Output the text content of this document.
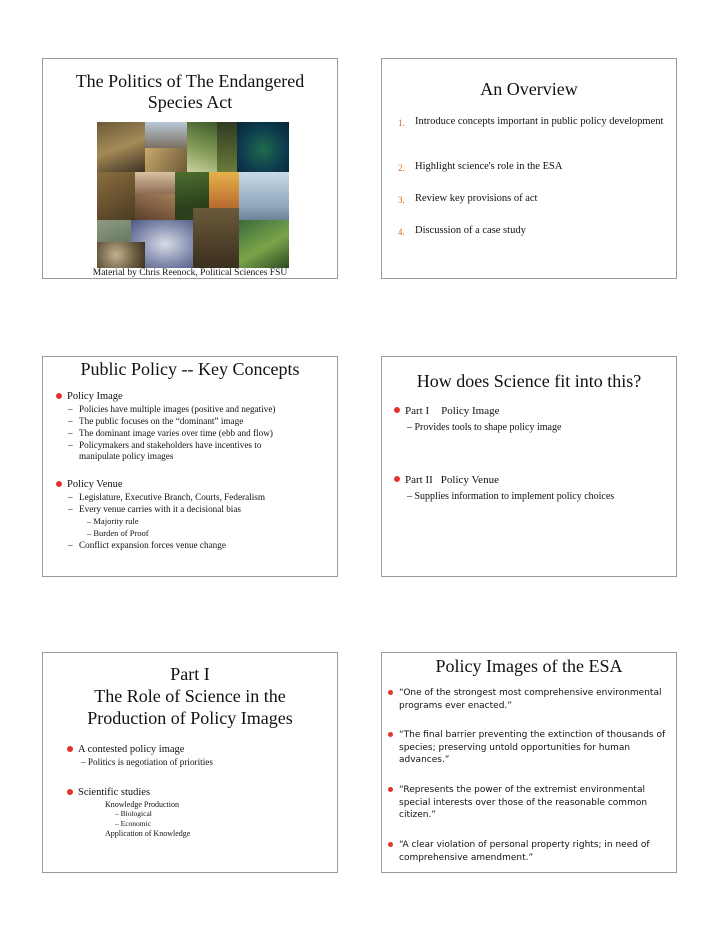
The Politics of The Endangered
Species Act
Material by Chris Reenock, Political Sciences FSU
An Overview
1. Introduce concepts important in public policy development
2. Highlight science's role in the ESA
3. Review key provisions of act
4. Discussion of a case study
Public Policy -- Key Concepts
Policy Image
– Policies have multiple images (positive and negative)
– The public focuses on the “dominant” image
– The dominant image varies over time (ebb and flow)
– Policymakers and stakeholders have incentives to
manipulate policy images
Policy Venue
– Legislature, Executive Branch, Courts, Federalism
– Every venue carries with it a decisional bias
– Majority rule
– Burden of Proof
– Conflict expansion forces venue change
How does Science fit into this?
Part I Policy Image
– Provides tools to shape policy image
Part II Policy Venue
– Supplies information to implement policy choices
Part I
The Role of Science in the
Production of Policy Images
A contested policy image
– Politics is negotiation of priorities
Scientific studies
Knowledge Production
– Biological
– Economic
Application of Knowledge
Policy Images of the ESA
“One of the strongest most comprehensive environmental
programs ever enacted.”
“The final barrier preventing the extinction of thousands of
species; preserving untold opportunities for human
advances.”
“Represents the power of the extremist environmental
special interests over those of the reasonable common
citizen.”
“A clear violation of personal property rights; in need of
comprehensive amendment.”
